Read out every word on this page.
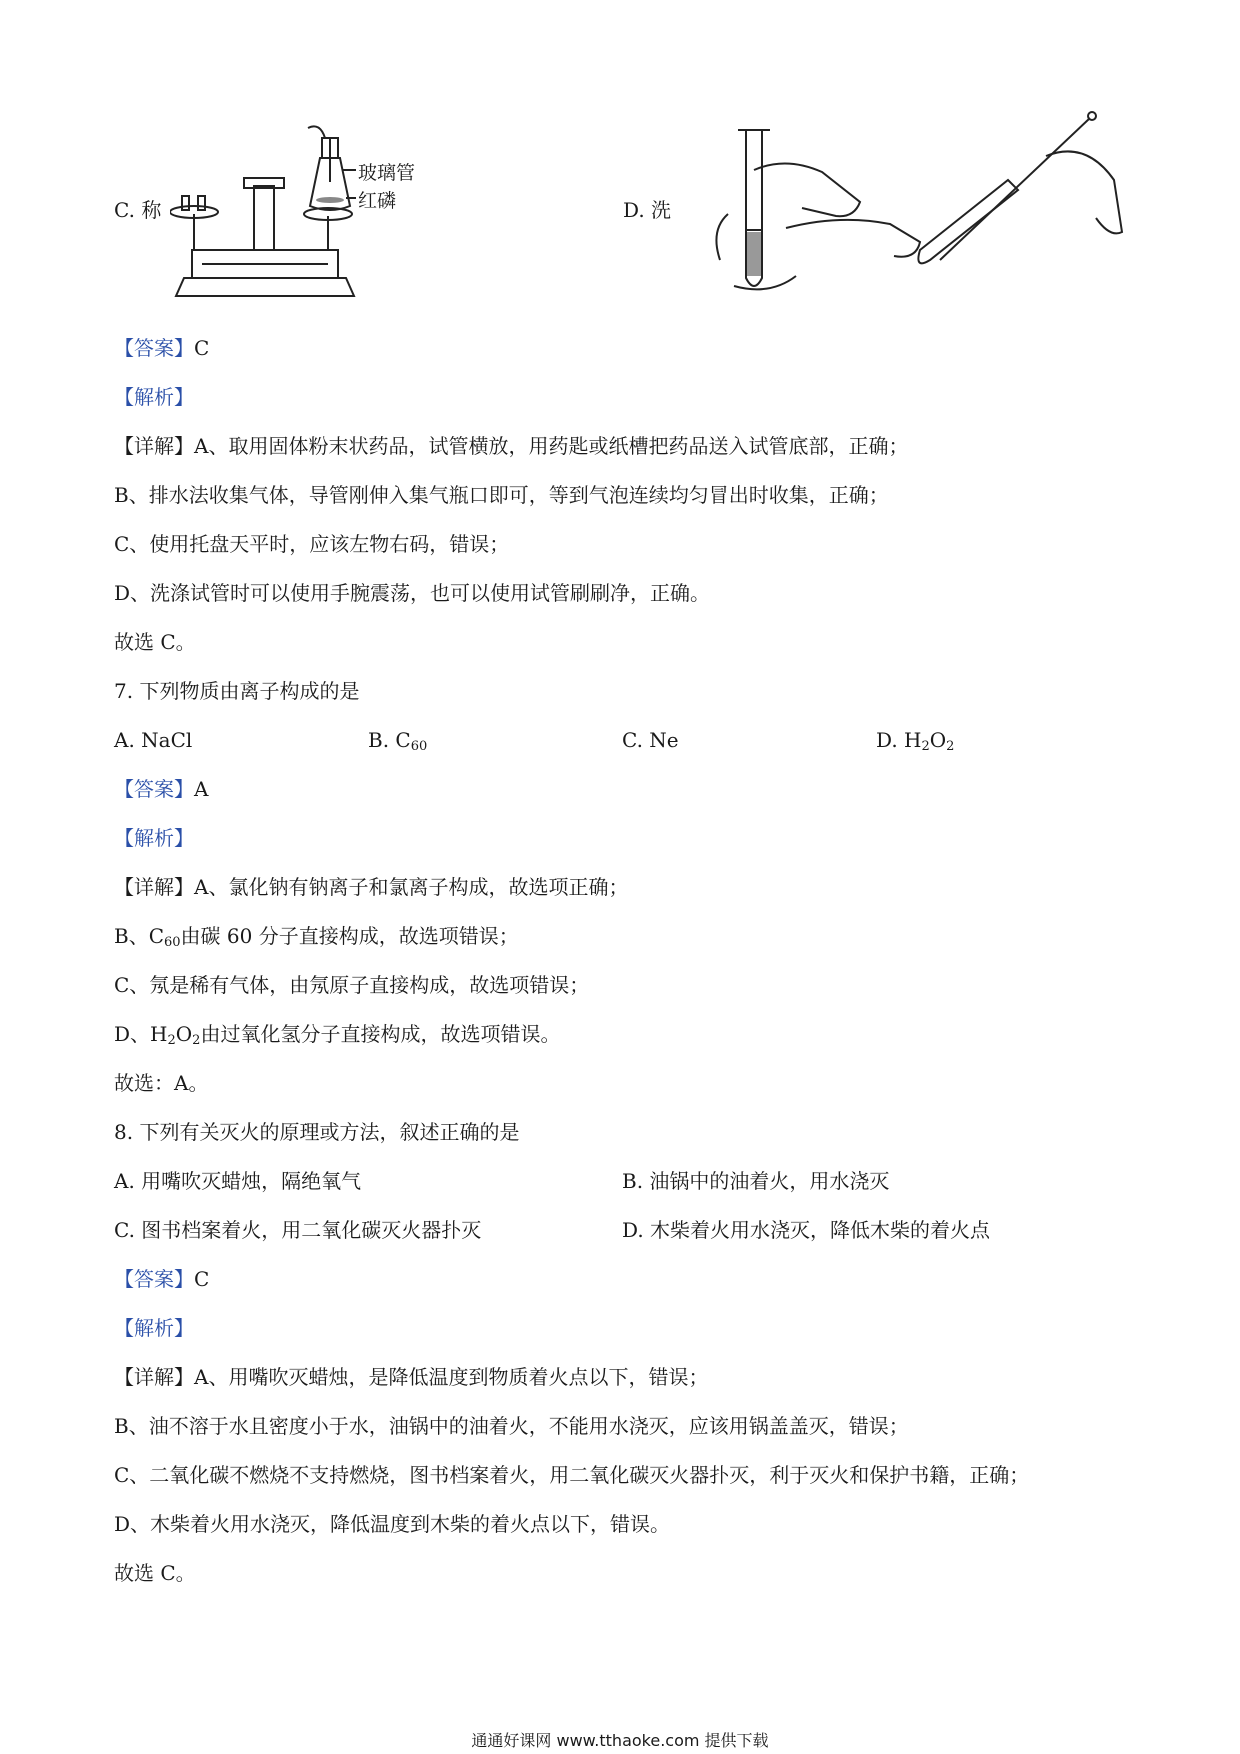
C. 称
玻璃管
红磷	D. 洗
【答案】C
【解析】
【详解】A、取用固体粉末状药品，试管横放，用药匙或纸槽把药品送入试管底部，正确；
B、排水法收集气体，导管刚伸入集气瓶口即可，等到气泡连续均匀冒出时收集，正确；
C、使用托盘天平时，应该左物右码，错误；
D、洗涤试管时可以使用手腕震荡，也可以使用试管刷刷净，正确。
故选 C。
7. 下列物质由离子构成的是
A. NaCl	B. $C_{60}$	C. Ne	D. $H_2O_2$
【答案】A
【解析】
【详解】A、氯化钠有钠离子和氯离子构成，故选项正确；
B、$C_{60}$由碳 60 分子直接构成，故选项错误；
C、氖是稀有气体，由氖原子直接构成，故选项错误；
D、$H_2O_2$由过氧化氢分子直接构成，故选项错误。
故选：A。
8. 下列有关灭火的原理或方法，叙述正确的是
A. 用嘴吹灭蜡烛，隔绝氧气	B. 油锅中的油着火，用水浇灭
C. 图书档案着火，用二氧化碳灭火器扑灭	D. 木柴着火用水浇灭，降低木柴的着火点
【答案】C
【解析】
【详解】A、用嘴吹灭蜡烛，是降低温度到物质着火点以下，错误；
B、油不溶于水且密度小于水，油锅中的油着火，不能用水浇灭，应该用锅盖盖灭，错误；
C、二氧化碳不燃烧不支持燃烧，图书档案着火，用二氧化碳灭火器扑灭，利于灭火和保护书籍，正确；
D、木柴着火用水浇灭，降低温度到木柴的着火点以下，错误。
故选 C。
通通好课网 www.tthaoke.com 提供下载
